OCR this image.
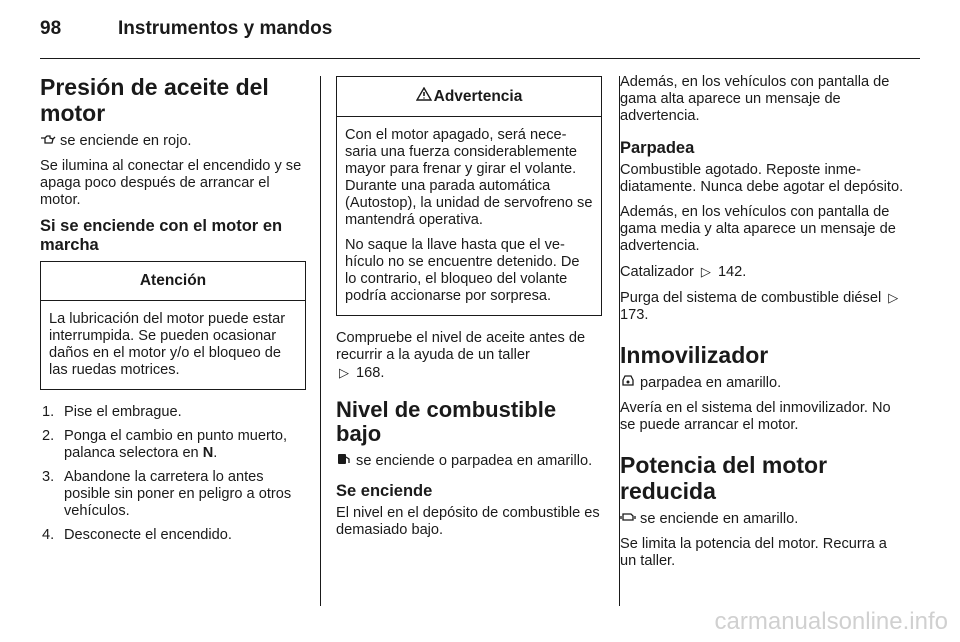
98	Instrumentos y mandos
Presión de aceite del motor

se enciende en rojo.

Se ilumina al conectar el encendido y se apaga poco después de arrancar el motor.

Si se enciende con el motor en marcha
Atención

La lubricación del motor puede estar interrumpida. Se pueden ocasionar daños en el motor y/o el bloqueo de las ruedas motrices.

1. Pise el embrague.
2. Ponga el cambio en punto muerto, palanca selectora en N.
3. Abandone la carretera lo antes posible sin poner en peligro a otros vehículos.
4. Desconecte el encendido.
Advertencia

Con el motor apagado, será necesaria una fuerza considerablemente mayor para frenar y girar el volante. Durante una parada automática (Autostop), la unidad de servofreno se mantendrá operativa.

No saque la llave hasta que el vehículo no se encuentre detenido. De lo contrario, el bloqueo del volante podría accionarse por sorpresa.

Compruebe el nivel de aceite antes de recurrir a la ayuda de un taller
▷ 168.

Nivel de combustible bajo

se enciende o parpadea en amarillo.

Se enciende

El nivel en el depósito de combustible es demasiado bajo.

Además, en los vehículos con pantalla de gama alta aparece un mensaje de advertencia.

Parpadea

Combustible agotado. Reposte inmediatamente. Nunca debe agotar el depósito.

Además, en los vehículos con pantalla de gama media y alta aparece un mensaje de advertencia.

Catalizador ▷ 142.

Purga del sistema de combustible diésel ▷ 173.

Inmovilizador

parpadea en amarillo.

Avería en el sistema del inmovilizador. No se puede arrancar el motor.

Potencia del motor reducida

se enciende en amarillo.

Se limita la potencia del motor. Recurra a un taller.

carmanualsonline.info
